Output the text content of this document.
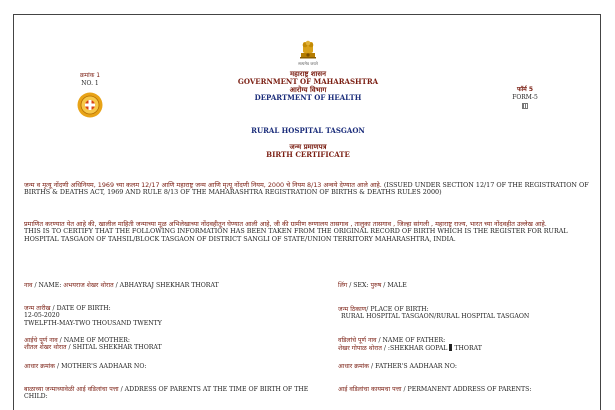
क्रमांक 1
NO. 1
सत्यमेव जयते
महाराष्ट्र शासन
GOVERNMENT OF MAHARASHTRA
आरोग्य विभाग
DEPARTMENT OF HEALTH
RURAL HOSPITAL TASGAON
जन्म प्रमाणपत्र
BIRTH CERTIFICATE
फॉर्म 5
FORM-5
जन्म व मृत्यू नोंदणी अधिनियम, 1969 च्या कलम 12/17 आणि महाराष्ट्र जन्म आणि मृत्यू नोंदणी नियम, 2000 चे नियम 8/13 अन्वये देण्यात आले आहे. (ISSUED UNDER SECTION 12/17 OF THE REGISTRATION OF BIRTHS & DEATHS ACT, 1969 AND RULE 8/13 OF THE MAHARASHTRA REGISTRATION OF BIRTHS & DEATHS RULES 2000)
प्रमाणित करण्यात येत आहे की, खालील माहिती जन्माच्या मूळ अभिलेखाच्या नोंदवहीतून घेण्यात आली आहे, जी की ग्रामीण रुग्णालय तासगाव , तालुका तासगाव , जिल्हा सांगली , महाराष्ट्र राज्य, भारत च्या नोंदवहीत उल्लेख आहे.
THIS IS TO CERTIFY THAT THE FOLLOWING INFORMATION HAS BEEN TAKEN FROM THE ORIGINAL RECORD OF BIRTH WHICH IS THE REGISTER FOR RURAL HOSPITAL TASGAON OF TAHSIL/BLOCK TASGAON OF DISTRICT SANGLI OF STATE/UNION TERRITORY MAHARASHTRA, INDIA.
नाव / NAME: अभयराज शेखर थोरात / ABHAYRAJ SHEKHAR THORAT	लिंग / SEX: पुरुष / MALE
जन्म तारीख / DATE OF BIRTH:
12-05-2020
TWELFTH-MAY-TWO THOUSAND TWENTY
जन्म ठिकाण/ PLACE OF BIRTH:
RURAL HOSPITAL TASGAON/RURAL HOSPITAL TASGAON
आईचे पूर्ण नाव / NAME OF MOTHER:
शीतल शेखर थोरात / SHITAL SHEKHAR THORAT
वडिलांचे पूर्ण नाव / NAME OF FATHER:
शेखर गोपाळ थोरात / :SHEKHAR GOPAL THORAT
आधार क्रमांक / MOTHER'S AADHAAR NO:	आधार क्रमांक / FATHER'S AADHAAR NO:
बाळाच्या जन्माच्यावेळी आई वडिलांचा पत्ता / ADDRESS OF PARENTS AT THE TIME OF BIRTH OF THE CHILD:
आई वडिलांचा कायमचा पत्ता / PERMANENT ADDRESS OF PARENTS:
